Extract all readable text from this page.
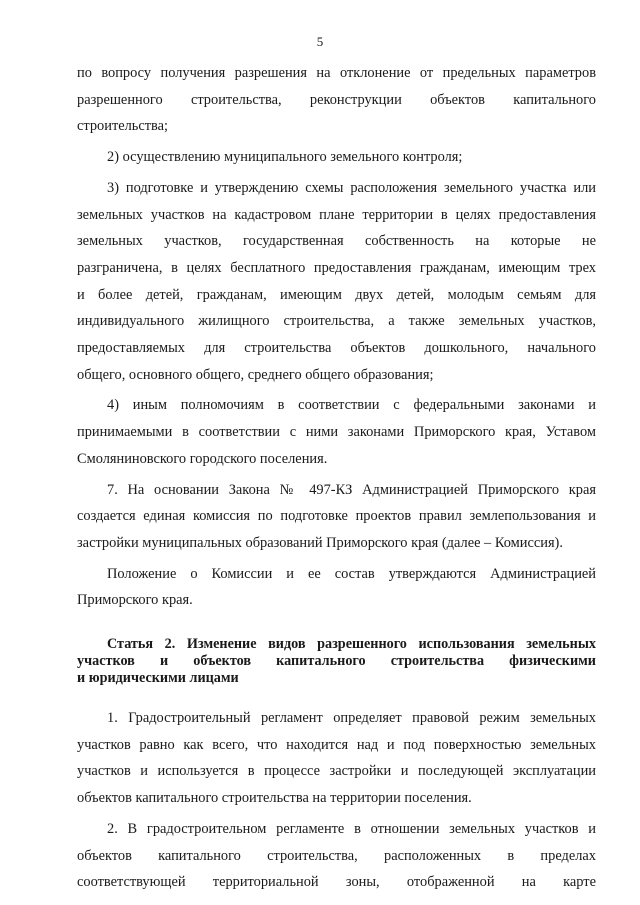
5
по вопросу получения разрешения на отклонение от предельных параметров
разрешенного строительства, реконструкции объектов капитального
строительства;
2) осуществлению муниципального земельного контроля;
3) подготовке и утверждению схемы расположения земельного участка или
земельных участков на кадастровом плане территории в целях предоставления
земельных участков, государственная собственность на которые не
разграничена, в целях бесплатного предоставления гражданам, имеющим трех
и более детей, гражданам, имеющим двух детей, молодым семьям для
индивидуального жилищного строительства, а также земельных участков,
предоставляемых для строительства объектов дошкольного, начального
общего, основного общего, среднего общего образования;
4) иным полномочиям в соответствии с федеральными законами и
принимаемыми в соответствии с ними законами Приморского края, Уставом
Смоляниновского городского поселения.
7. На основании Закона № 497-КЗ Администрацией Приморского края
создается единая комиссия по подготовке проектов правил землепользования и
застройки муниципальных образований Приморского края (далее – Комиссия).
Положение о Комиссии и ее состав утверждаются Администрацией
Приморского края.
Статья 2. Изменение видов разрешенного использования земельных
участков и объектов капитального строительства физическими
и юридическими лицами
1. Градостроительный регламент определяет правовой режим земельных
участков равно как всего, что находится над и под поверхностью земельных
участков и используется в процессе застройки и последующей эксплуатации
объектов капитального строительства на территории поселения.
2. В градостроительном регламенте в отношении земельных участков и
объектов капитального строительства, расположенных в пределах
соответствующей территориальной зоны, отображенной на карте
